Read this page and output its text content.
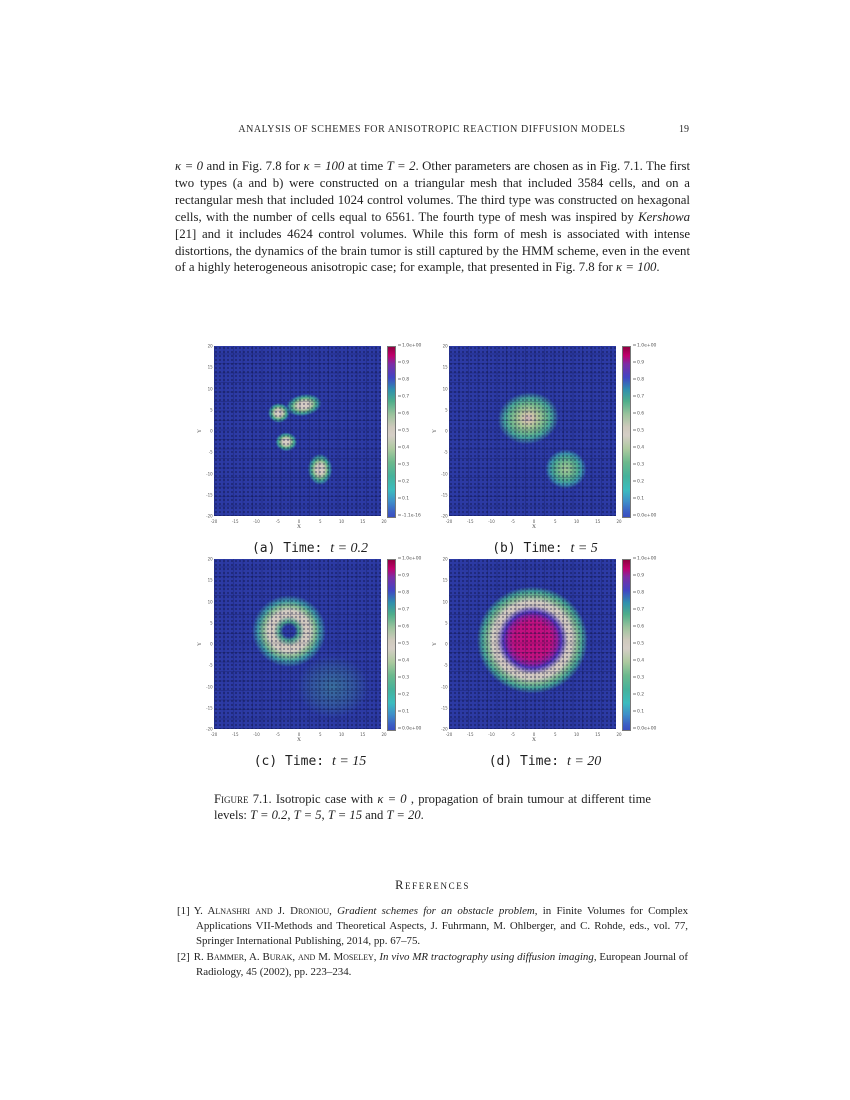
ANALYSIS OF SCHEMES FOR ANISOTROPIC REACTION DIFFUSION MODELS	19

κ = 0 and in Fig. 7.8 for κ = 100 at time T = 2. Other parameters are chosen as in Fig. 7.1. The first two types (a and b) were constructed on a triangular mesh that included 3584 cells, and on a rectangular mesh that included 1024 control volumes. The third type was constructed on hexagonal cells, with the number of cells equal to 6561. The fourth type of mesh was inspired by Kershowa [21] and it includes 4624 control volumes. While this form of mesh is associated with intense distortions, the dynamics of the brain tumor is still captured by the HMM scheme, even in the event of a highly heterogeneous anisotropic case; for example, that presented in Fig. 7.8 for κ = 100.

Y
20
15
10
5
0
-5
-10
-15
-20
1.0e+00
0.9
0.8
0.7
0.6
0.5
0.4
0.3
0.2
0.1
-1.1e-16
-20	-15	-10	-5	0	5	10	15	20
X
(a) Time: t = 0.2
Y
20
15
10
5
0
-5
-10
-15
-20
1.0e+00
0.9
0.8
0.7
0.6
0.5
0.4
0.3
0.2
0.1
0.0e+00
-20	-15	-10	-5	0	5	10	15	20
X
(b) Time: t = 5
Y
20
15
10
5
0
-5
-10
-15
-20
1.0e+00
0.9
0.8
0.7
0.6
0.5
0.4
0.3
0.2
0.1
0.0e+00
-20	-15	-10	-5	0	5	10	15	20
X
(c) Time: t = 15
Y
20
15
10
5
0
-5
-10
-15
-20
1.0e+00
0.9
0.8
0.7
0.6
0.5
0.4
0.3
0.2
0.1
0.0e+00
-20	-15	-10	-5	0	5	10	15	20
X
(d) Time: t = 20
Figure 7.1. Isotropic case with κ = 0 , propagation of brain tumour at different time levels: T = 0.2, T = 5, T = 15 and T = 20.
References

[1] Y. Alnashri and J. Droniou, Gradient schemes for an obstacle problem, in Finite Volumes for Complex Applications VII-Methods and Theoretical Aspects, J. Fuhrmann, M. Ohlberger, and C. Rohde, eds., vol. 77, Springer International Publishing, 2014, pp. 67–75.

[2] R. Bammer, A. Burak, and M. Moseley, In vivo MR tractography using diffusion imaging, European Journal of Radiology, 45 (2002), pp. 223–234.
